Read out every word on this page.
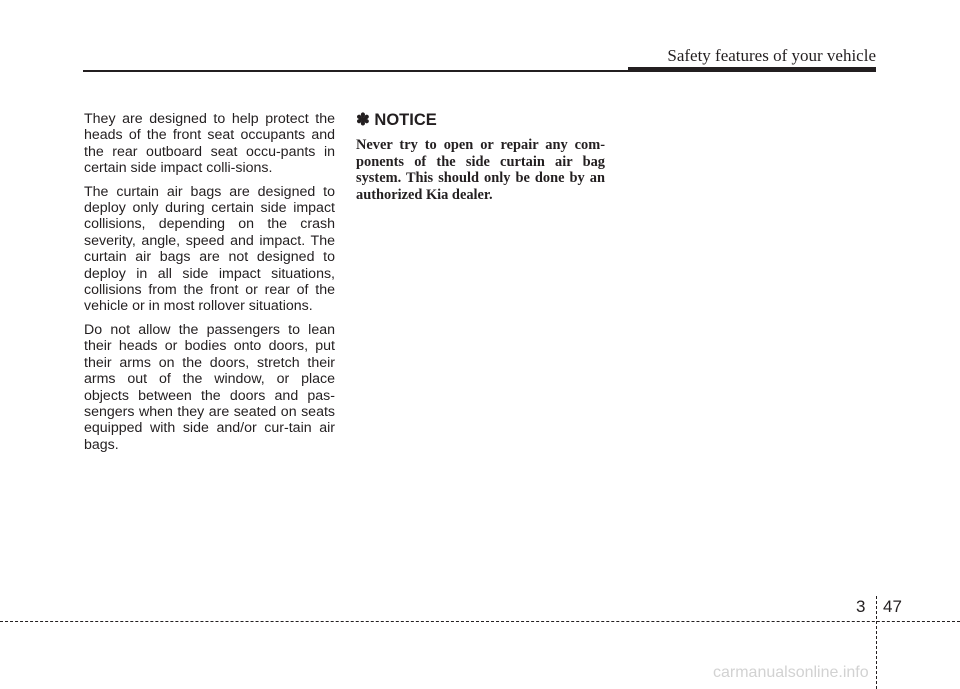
Safety features of your vehicle

They are designed to help protect the heads of the front seat occupants and the rear outboard seat occu-pants in certain side impact colli-sions.

The curtain air bags are designed to deploy only during certain side impact collisions, depending on the crash severity, angle, speed and impact. The curtain air bags are not designed to deploy in all side impact situations, collisions from the front or rear of the vehicle or in most rollover situations.

Do not allow the passengers to lean their heads or bodies onto doors, put their arms on the doors, stretch their arms out of the window, or place objects between the doors and pas-sengers when they are seated on seats equipped with side and/or cur-tain air bags.

✽ NOTICE

Never try to open or repair any com-ponents of the side curtain air bag system. This should only be done by an authorized Kia dealer.

3 47
carmanualsonline.info
